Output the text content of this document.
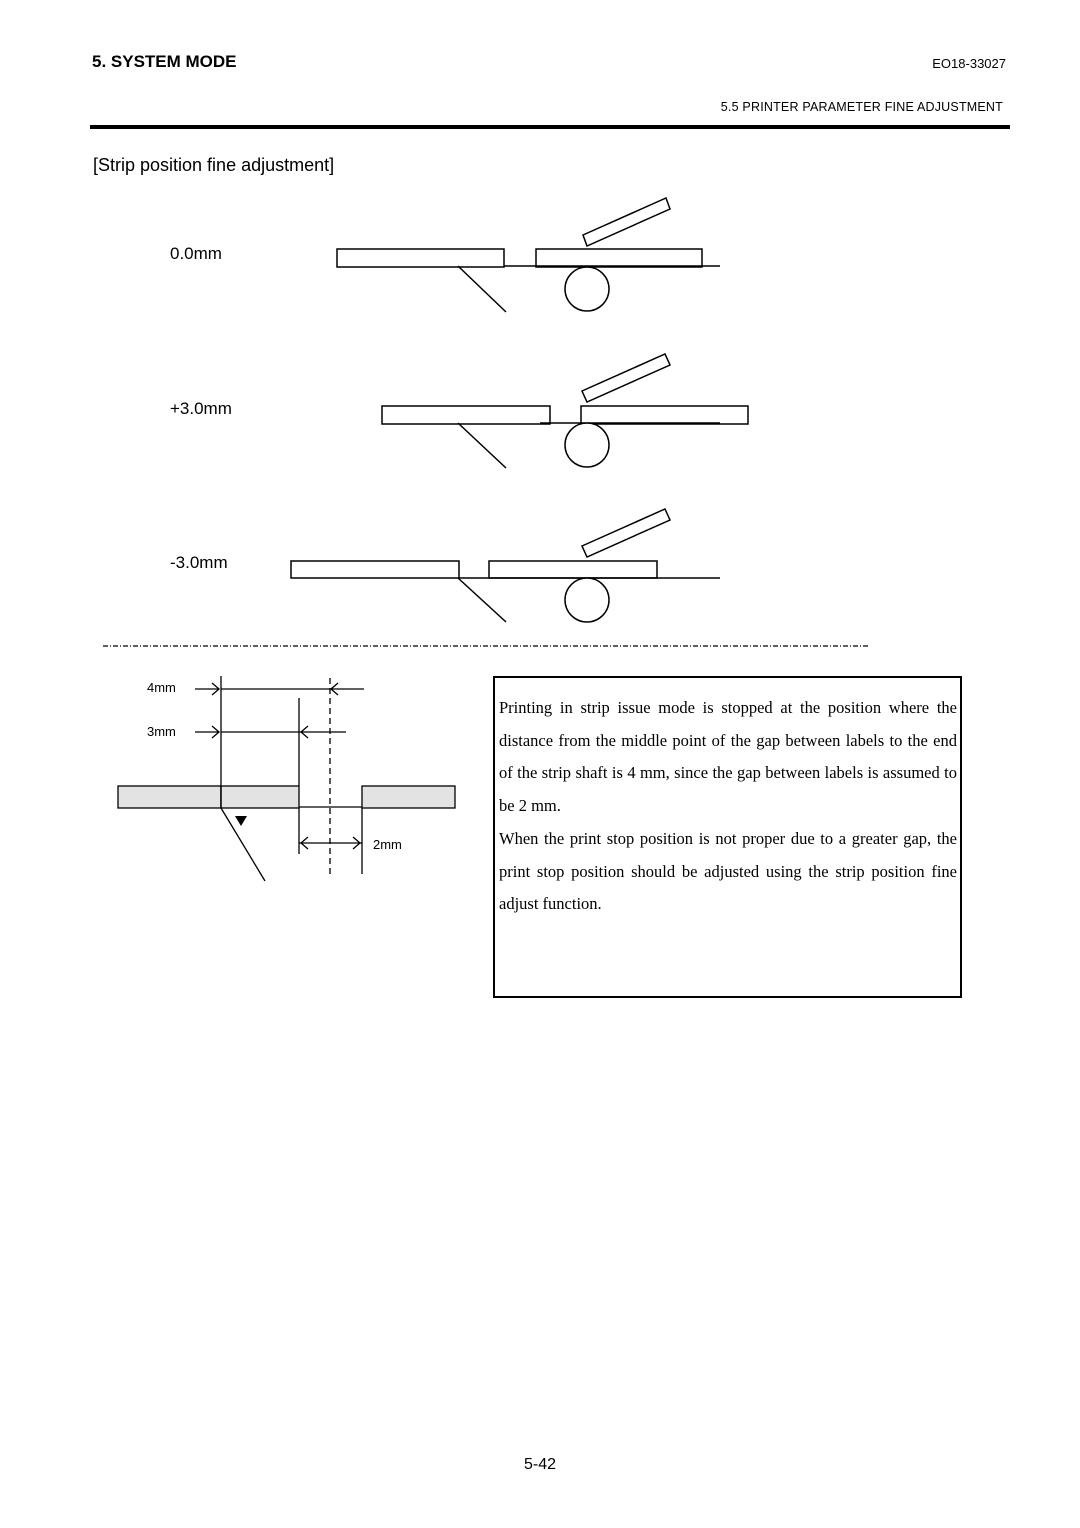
5. SYSTEM MODE	EO18-33027
5.5 PRINTER PARAMETER FINE ADJUSTMENT
[Strip position fine adjustment]
0.0mm
+3.0mm
-3.0mm
4mm
3mm
2mm

Printing in strip issue mode is stopped at the position where the distance from the middle point of the gap between labels to the end of the strip shaft is 4 mm, since the gap between labels is assumed to be 2 mm.

When the print stop position is not proper due to a greater gap, the print stop position should be adjusted using the strip position fine adjust function.

5-42
